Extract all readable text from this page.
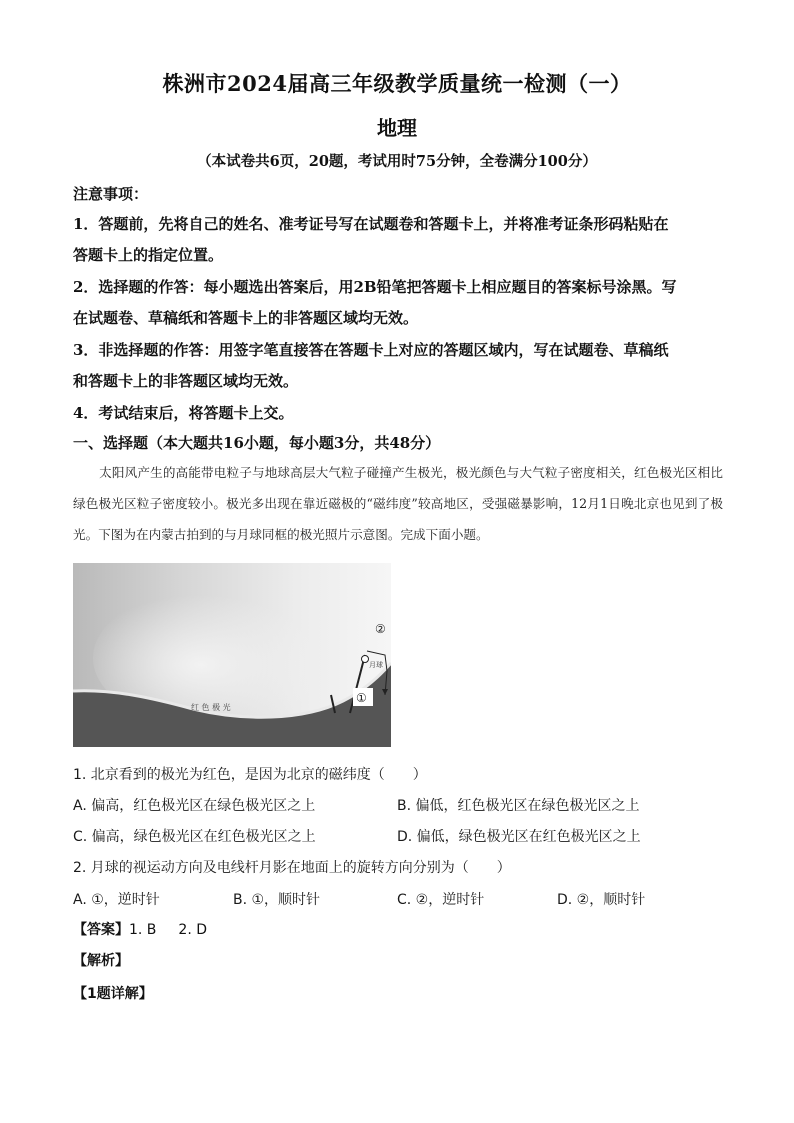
株洲市2024届高三年级教学质量统一检测（一）
地理
（本试卷共6页，20题，考试用时75分钟，全卷满分100分）
注意事项：
1．答题前，先将自己的姓名、准考证号写在试题卷和答题卡上，并将准考证条形码粘贴在
答题卡上的指定位置。
2．选择题的作答：每小题选出答案后，用2B铅笔把答题卡上相应题目的答案标号涂黑。写
在试题卷、草稿纸和答题卡上的非答题区域均无效。
3．非选择题的作答：用签字笔直接答在答题卡上对应的答题区域内，写在试题卷、草稿纸
和答题卡上的非答题区域均无效。
4．考试结束后，将答题卡上交。
一、选择题（本大题共16小题，每小题3分，共48分）
太阳风产生的高能带电粒子与地球高层大气粒子碰撞产生极光，极光颜色与大气粒子密度相关，红色极光区相比绿色极光区粒子密度较小。极光多出现在靠近磁极的“磁纬度”较高地区，受强磁暴影响，12月1日晚北京也见到了极光。下图为在内蒙古拍到的与月球同框的极光照片示意图。完成下面小题。
红 色 极 光
月球
①
②
1. 北京看到的极光为红色，是因为北京的磁纬度（　　）
A. 偏高，红色极光区在绿色极光区之上	B. 偏低，红色极光区在绿色极光区之上
C. 偏高，绿色极光区在红色极光区之上	D. 偏低，绿色极光区在红色极光区之上
2. 月球的视运动方向及电线杆月影在地面上的旋转方向分别为（　　）
A. ①，逆时针	B. ①，顺时针	C. ②，逆时针	D. ②，顺时针
【答案】1. B 2. D
【解析】
【1题详解】
